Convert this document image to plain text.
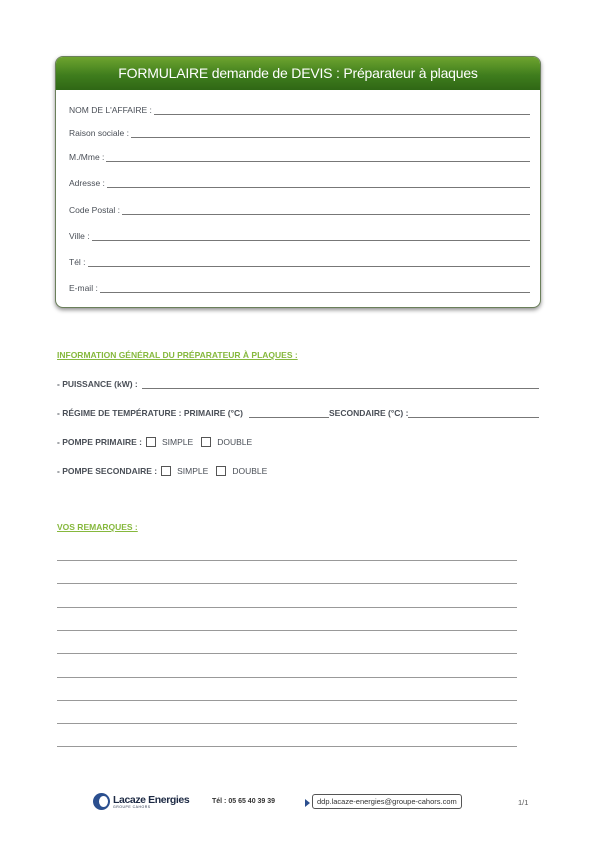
FORMULAIRE demande de DEVIS : Préparateur à plaques
NOM DE L'AFFAIRE :
Raison sociale :
M./Mme :
Adresse :
Code Postal :
Ville :
Tél :
E-mail :
INFORMATION GÉNÉRAL DU PRÉPARATEUR À PLAQUES :
- PUISSANCE (kW) :
- RÉGIME DE TEMPÉRATURE : PRIMAIRE (°C)	SECONDAIRE (°C) :
- POMPE PRIMAIRE : SIMPLE	DOUBLE
- POMPE SECONDAIRE : SIMPLE	DOUBLE
VOS REMARQUES :
Lacaze Energies
GROUPE CAHORS
Tél : 05 65 40 39 39	ddp.lacaze-energies@groupe-cahors.com	1/1
